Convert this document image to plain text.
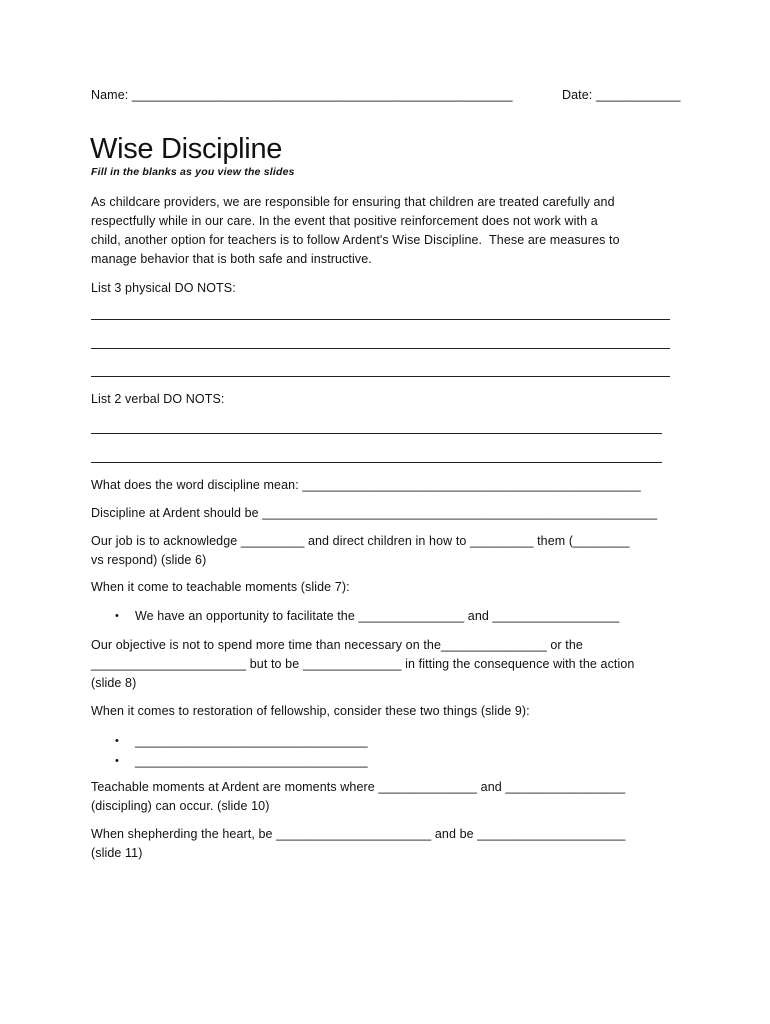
Name: ______________________________________________________	Date: ____________
Wise Discipline
Fill in the blanks as you view the slides

As childcare providers, we are responsible for ensuring that children are treated carefully and

respectfully while in our care. In the event that positive reinforcement does not work with a

child, another option for teachers is to follow Ardent's Wise Discipline.  These are measures to

manage behavior that is both safe and instructive.

List 3 physical DO NOTS:
List 2 verbal DO NOTS:
What does the word discipline mean: ________________________________________________
Discipline at Ardent should be ________________________________________________________
Our job is to acknowledge _________ and direct children in how to _________ them (________
vs respond) (slide 6)
When it come to teachable moments (slide 7):
• We have an opportunity to facilitate the _______________ and __________________
Our objective is not to spend more time than necessary on the_______________ or the
______________________ but to be ______________ in fitting the consequence with the action
(slide 8)
When it comes to restoration of fellowship, consider these two things (slide 9):
• _________________________________
• _________________________________
Teachable moments at Ardent are moments where ______________ and _________________
(discipling) can occur. (slide 10)
When shepherding the heart, be ______________________ and be _____________________
(slide 11)
